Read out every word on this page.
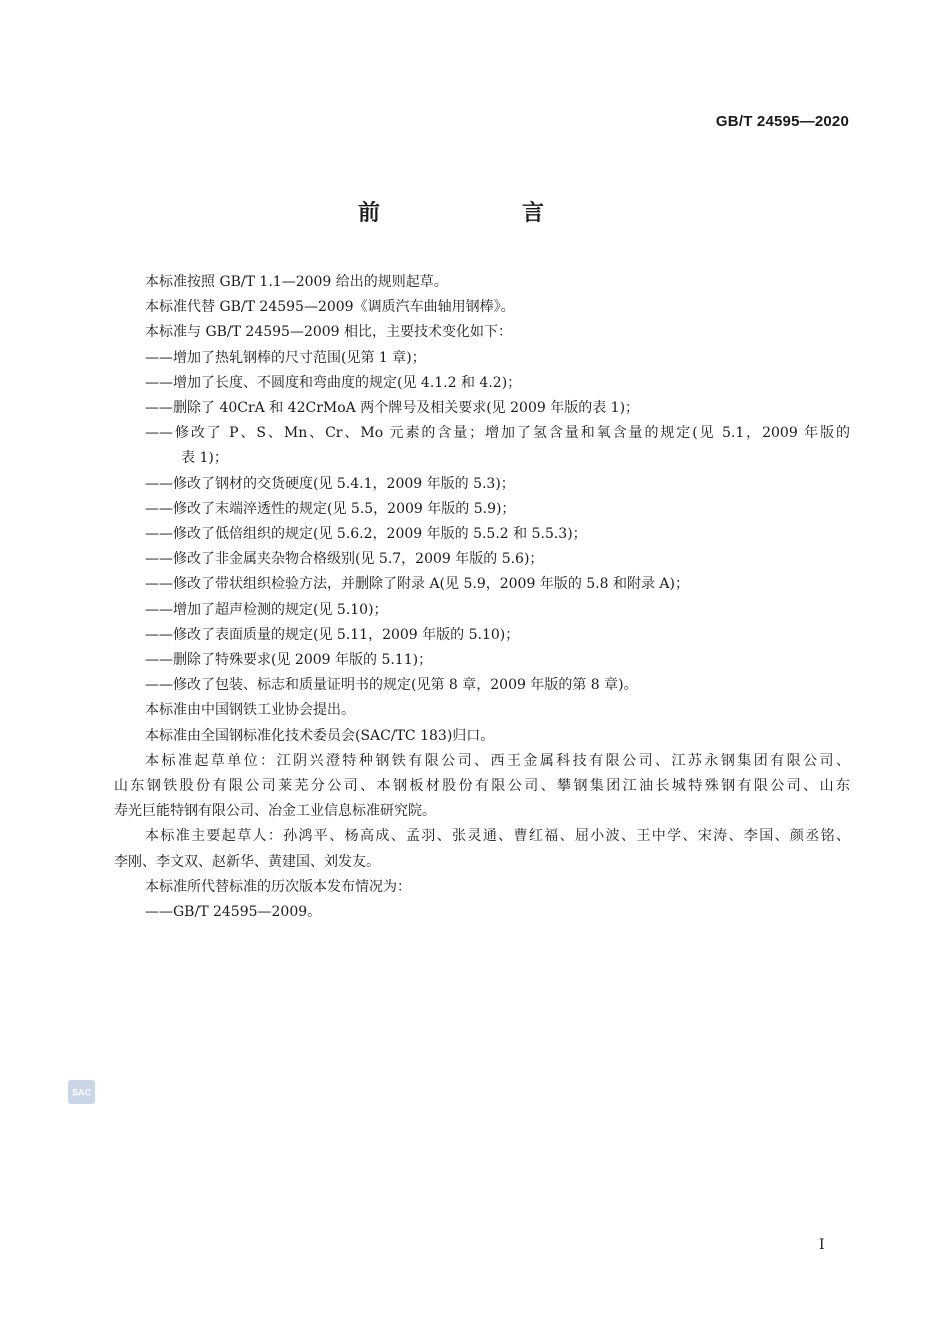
GB/T 24595—2020
前　言
本标准按照 GB/T 1.1—2009 给出的规则起草。
本标准代替 GB/T 24595—2009《调质汽车曲轴用钢棒》。
本标准与 GB/T 24595—2009 相比，主要技术变化如下：
——增加了热轧钢棒的尺寸范围(见第 1 章)；
——增加了长度、不圆度和弯曲度的规定(见 4.1.2 和 4.2)；
——删除了 40CrA 和 42CrMoA 两个牌号及相关要求(见 2009 年版的表 1)；
——修改了 P、S、Mn、Cr、Mo 元素的含量；增加了氢含量和氧含量的规定(见 5.1，2009 年版的
表 1)；
——修改了钢材的交货硬度(见 5.4.1，2009 年版的 5.3)；
——修改了末端淬透性的规定(见 5.5，2009 年版的 5.9)；
——修改了低倍组织的规定(见 5.6.2，2009 年版的 5.5.2 和 5.5.3)；
——修改了非金属夹杂物合格级别(见 5.7，2009 年版的 5.6)；
——修改了带状组织检验方法，并删除了附录 A(见 5.9，2009 年版的 5.8 和附录 A)；
——增加了超声检测的规定(见 5.10)；
——修改了表面质量的规定(见 5.11，2009 年版的 5.10)；
——删除了特殊要求(见 2009 年版的 5.11)；
——修改了包装、标志和质量证明书的规定(见第 8 章，2009 年版的第 8 章)。
本标准由中国钢铁工业协会提出。
本标准由全国钢标准化技术委员会(SAC/TC 183)归口。
本标准起草单位：江阴兴澄特种钢铁有限公司、西王金属科技有限公司、江苏永钢集团有限公司、
山东钢铁股份有限公司莱芜分公司、本钢板材股份有限公司、攀钢集团江油长城特殊钢有限公司、山东
寿光巨能特钢有限公司、冶金工业信息标准研究院。
本标准主要起草人：孙鸿平、杨高成、孟羽、张灵通、曹红福、屈小波、王中学、宋涛、李国、颜丞铭、
李刚、李文双、赵新华、黄建国、刘发友。
本标准所代替标准的历次版本发布情况为：
——GB/T 24595—2009。
SAC
I
